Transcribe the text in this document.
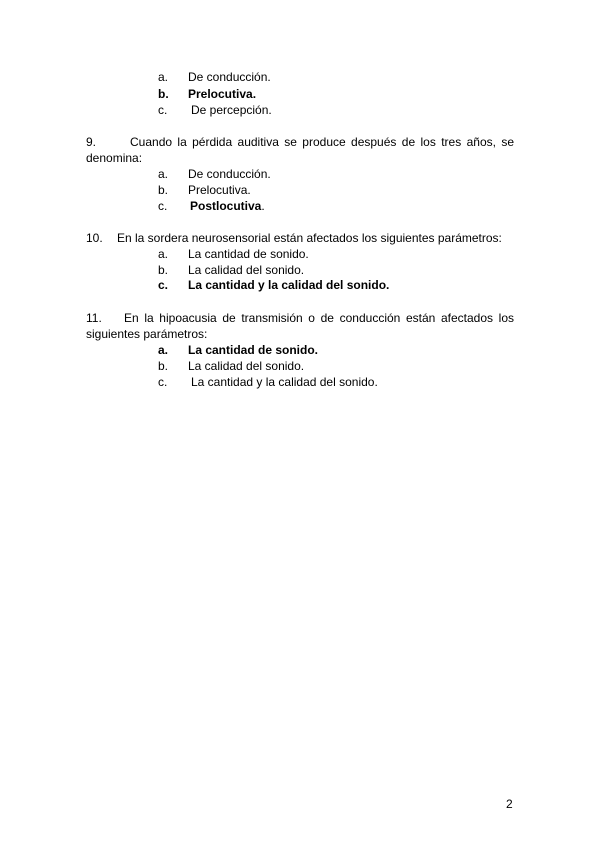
a. De conducción.
b. Prelocutiva.
c. De percepción.
9.	Cuando la pérdida auditiva se produce después de los tres años, se
denomina:
a. De conducción.
b. Prelocutiva.
c. Postlocutiva.
10. En la sordera neurosensorial están afectados los siguientes parámetros:
a. La cantidad de sonido.
b. La calidad del sonido.
c. La cantidad y la calidad del sonido.
11. En la hipoacusia de transmisión o de conducción están afectados los
siguientes parámetros:
a. La cantidad de sonido.
b. La calidad del sonido.
c. La cantidad y la calidad del sonido.
2
